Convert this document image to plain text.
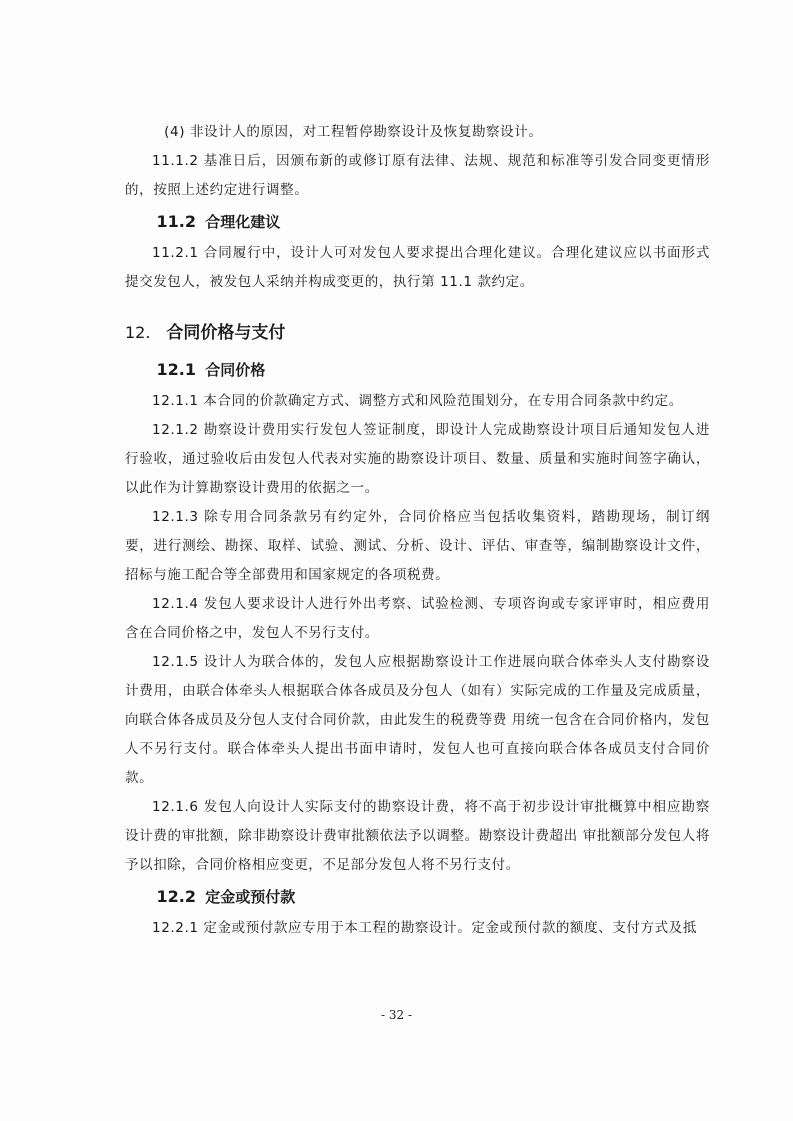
(4) 非设计人的原因，对工程暂停勘察设计及恢复勘察设计。

11.1.2 基准日后，因颁布新的或修订原有法律、法规、规范和标准等引发合同变更情形的，按照上述约定进行调整。

11.2 合理化建议

11.2.1 合同履行中，设计人可对发包人要求提出合理化建议。合理化建议应以书面形式提交发包人，被发包人采纳并构成变更的，执行第 11.1 款约定。

12. 合同价格与支付
12.1 合同价格

12.1.1 本合同的价款确定方式、调整方式和风险范围划分，在专用合同条款中约定。

12.1.2 勘察设计费用实行发包人签证制度，即设计人完成勘察设计项目后通知发包人进行验收，通过验收后由发包人代表对实施的勘察设计项目、数量、质量和实施时间签字确认，以此作为计算勘察设计费用的依据之一。

12.1.3 除专用合同条款另有约定外，合同价格应当包括收集资料，踏勘现场，制订纲要，进行测绘、勘探、取样、试验、测试、分析、设计、评估、审查等，编制勘察设计文件，招标与施工配合等全部费用和国家规定的各项税费。

12.1.4 发包人要求设计人进行外出考察、试验检测、专项咨询或专家评审时，相应费用含在合同价格之中，发包人不另行支付。

12.1.5 设计人为联合体的，发包人应根据勘察设计工作进展向联合体牵头人支付勘察设计费用，由联合体牵头人根据联合体各成员及分包人（如有）实际完成的工作量及完成质量，向联合体各成员及分包人支付合同价款，由此发生的税费等费 用统一包含在合同价格内，发包人不另行支付。联合体牵头人提出书面申请时，发包人也可直接向联合体各成员支付合同价款。

12.1.6 发包人向设计人实际支付的勘察设计费，将不高于初步设计审批概算中相应勘察设计费的审批额，除非勘察设计费审批额依法予以调整。勘察设计费超出 审批额部分发包人将予以扣除，合同价格相应变更，不足部分发包人将不另行支付。

12.2 定金或预付款

12.2.1 定金或预付款应专用于本工程的勘察设计。定金或预付款的额度、支付方式及抵

- 32 -
